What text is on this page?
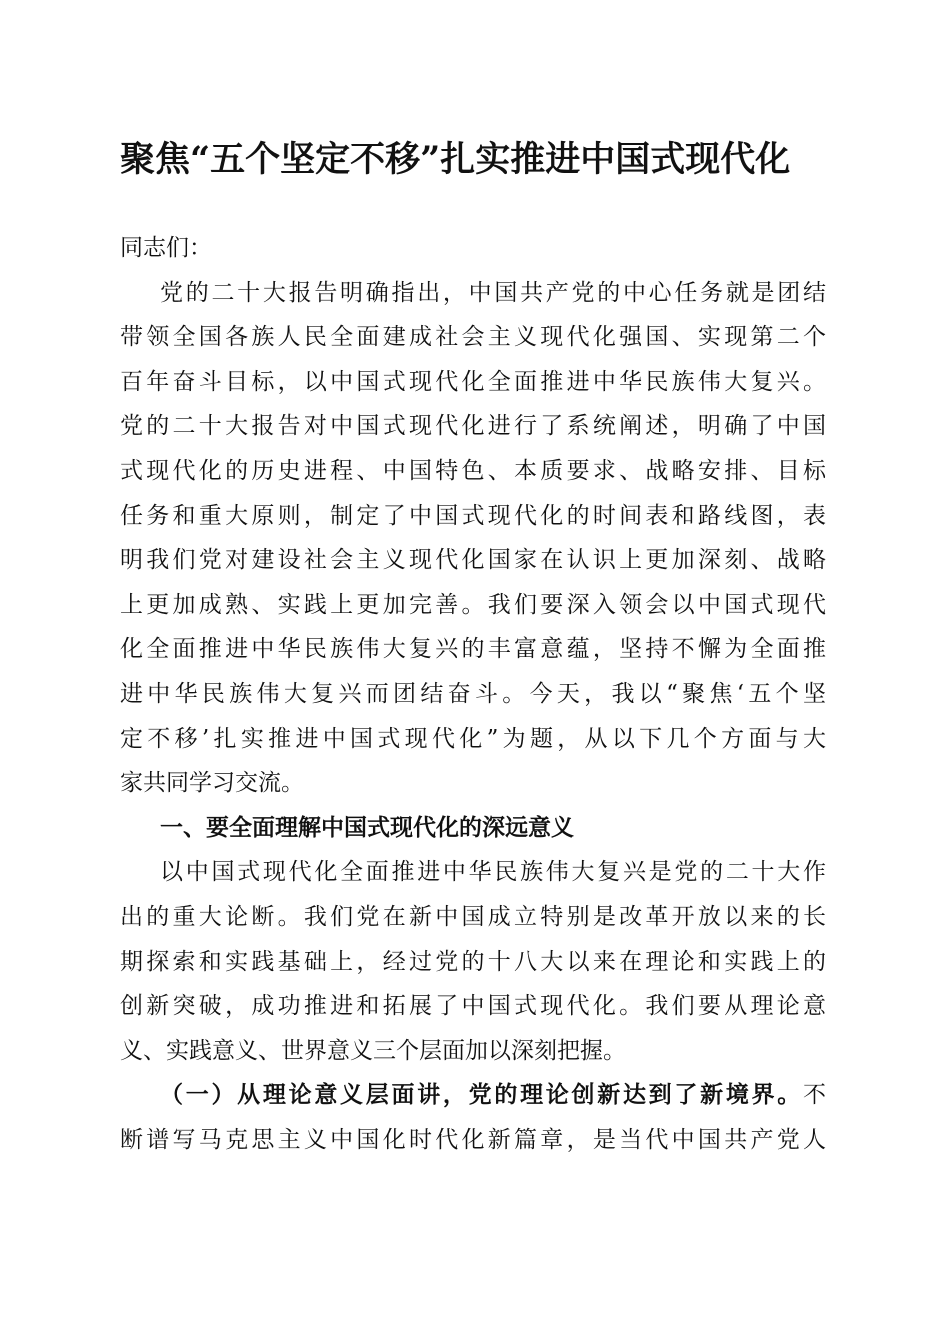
聚焦“五个坚定不移”扎实推进中国式现代化

同志们：

党的二十大报告明确指出，中国共产党的中心任务就是团结
带领全国各族人民全面建成社会主义现代化强国、实现第二个
百年奋斗目标，以中国式现代化全面推进中华民族伟大复兴。
党的二十大报告对中国式现代化进行了系统阐述，明确了中国
式现代化的历史进程、中国特色、本质要求、战略安排、目标
任务和重大原则，制定了中国式现代化的时间表和路线图，表
明我们党对建设社会主义现代化国家在认识上更加深刻、战略
上更加成熟、实践上更加完善。我们要深入领会以中国式现代
化全面推进中华民族伟大复兴的丰富意蕴，坚持不懈为全面推
进中华民族伟大复兴而团结奋斗。今天，我以“聚焦‘五个坚
定不移’扎实推进中国式现代化”为题，从以下几个方面与大
家共同学习交流。
一、要全面理解中国式现代化的深远意义
以中国式现代化全面推进中华民族伟大复兴是党的二十大作
出的重大论断。我们党在新中国成立特别是改革开放以来的长
期探索和实践基础上，经过党的十八大以来在理论和实践上的
创新突破，成功推进和拓展了中国式现代化。我们要从理论意
义、实践意义、世界意义三个层面加以深刻把握。
（一）从理论意义层面讲，党的理论创新达到了新境界。不
断谱写马克思主义中国化时代化新篇章，是当代中国共产党人
